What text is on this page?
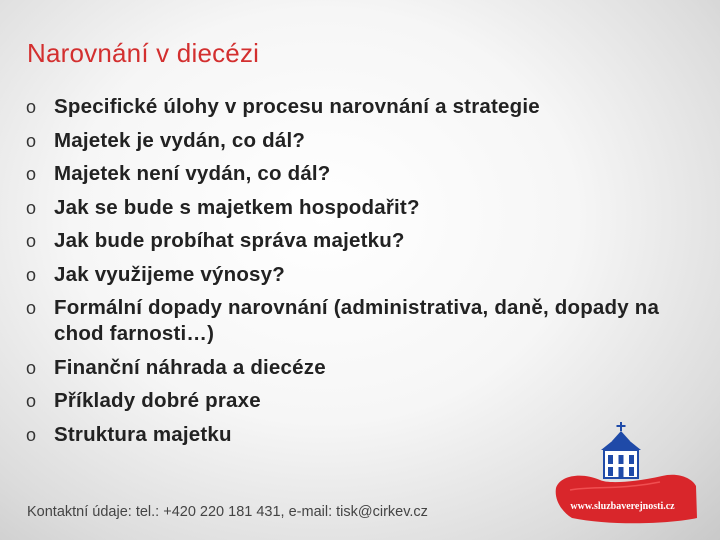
Narovnání v diecézi
o Specifické úlohy v procesu narovnání a strategie
o Majetek je vydán, co dál?
o Majetek není vydán, co dál?
o Jak se bude s majetkem hospodařit?
o Jak bude probíhat správa majetku?
o Jak využijeme výnosy?
o Formální dopady narovnání (administrativa, daně, dopady na chod farnosti…)
o Finanční náhrada a diecéze
o Příklady dobré praxe
o Struktura majetku
Kontaktní údaje: tel.: +420 220 181 431, e-mail: tisk@cirkev.cz	www.sluzbaverejnosti.cz
